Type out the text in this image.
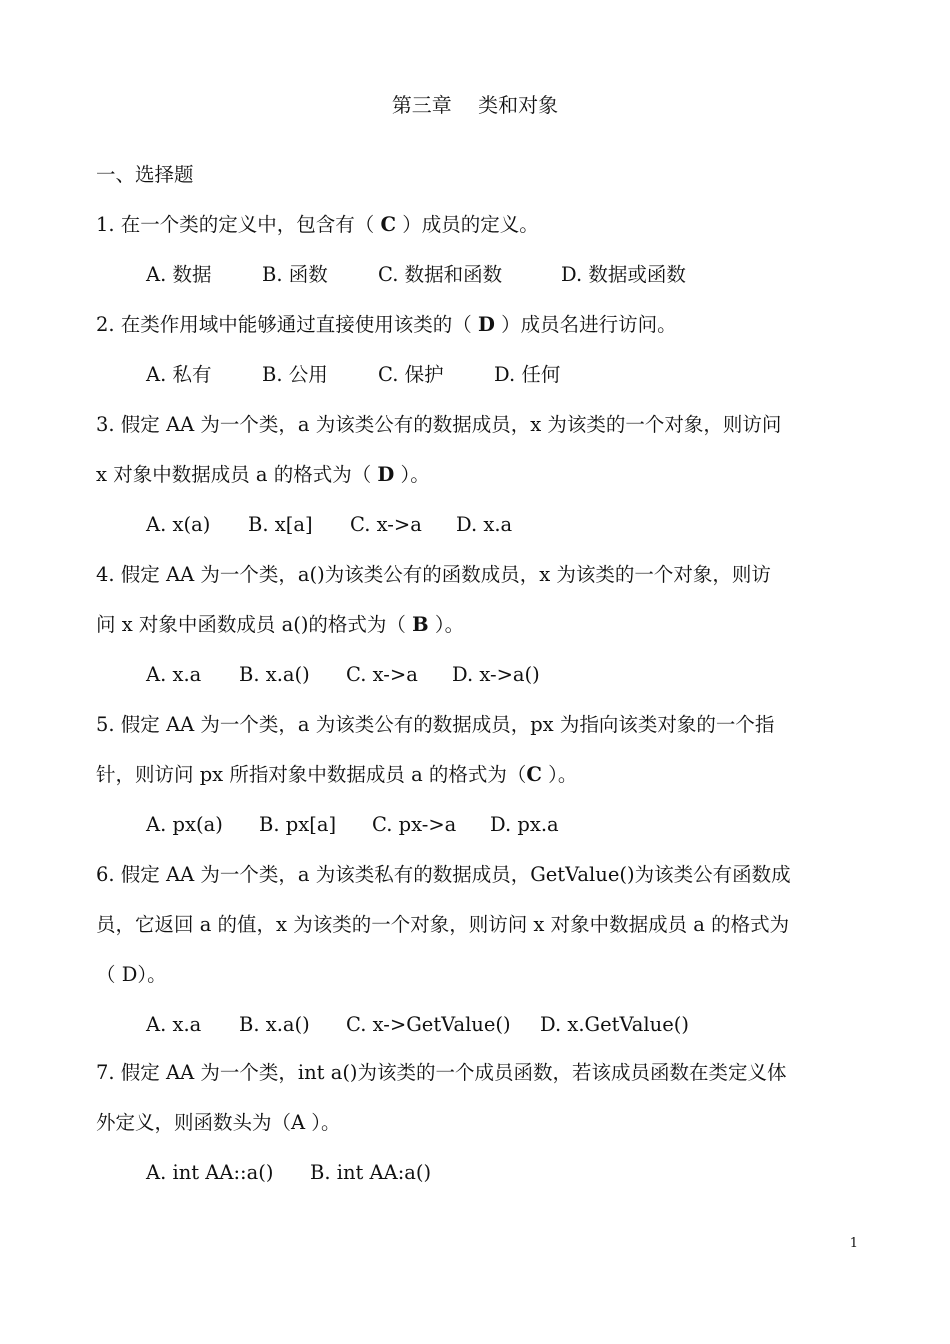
第三章 类和对象
一、选择题
1. 在一个类的定义中，包含有（ C ）成员的定义。
A. 数据	B. 函数	C. 数据和函数	D. 数据或函数
2. 在类作用域中能够通过直接使用该类的（ D ）成员名进行访问。
A. 私有	B. 公用	C. 保护	D. 任何
3. 假定 AA 为一个类，a 为该类公有的数据成员，x 为该类的一个对象，则访问
x 对象中数据成员 a 的格式为（ D ）。
A. x(a) B. x[a] C. x->a D. x.a
4. 假定 AA 为一个类，a()为该类公有的函数成员，x 为该类的一个对象，则访
问 x 对象中函数成员 a()的格式为（ B ）。
A. x.a B. x.a() C. x->a D. x->a()
5. 假定 AA 为一个类，a 为该类公有的数据成员，px 为指向该类对象的一个指
针，则访问 px 所指对象中数据成员 a 的格式为（C ）。
A. px(a) B. px[a] C. px->a D. px.a
6. 假定 AA 为一个类，a 为该类私有的数据成员，GetValue()为该类公有函数成
员，它返回 a 的值，x 为该类的一个对象，则访问 x 对象中数据成员 a 的格式为
（ D）。
A. x.a B. x.a() C. x->GetValue() D. x.GetValue()
7. 假定 AA 为一个类，int a()为该类的一个成员函数，若该成员函数在类定义体
外定义，则函数头为（A ）。
A. int AA::a() B. int AA:a()
1
